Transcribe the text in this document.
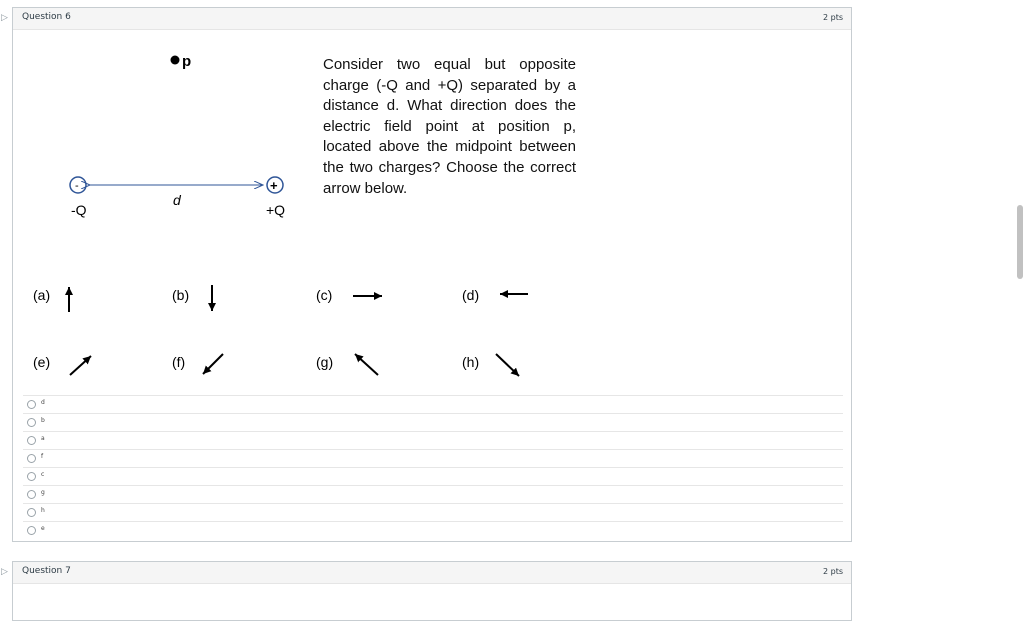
▷ Question 6	2 pts
p
-	+
d
-Q	+Q
(a)	(b)	(c)	(d)
(e)	(f)	(g)	(h)
Consider two equal but opposite charge (-Q and +Q) separated by a distance d. What direction does the electric field point at position p, located above the midpoint between the two charges? Choose the correct arrow below.
d
b
a
f
c
g
h
e
▷ Question 7	2 pts
